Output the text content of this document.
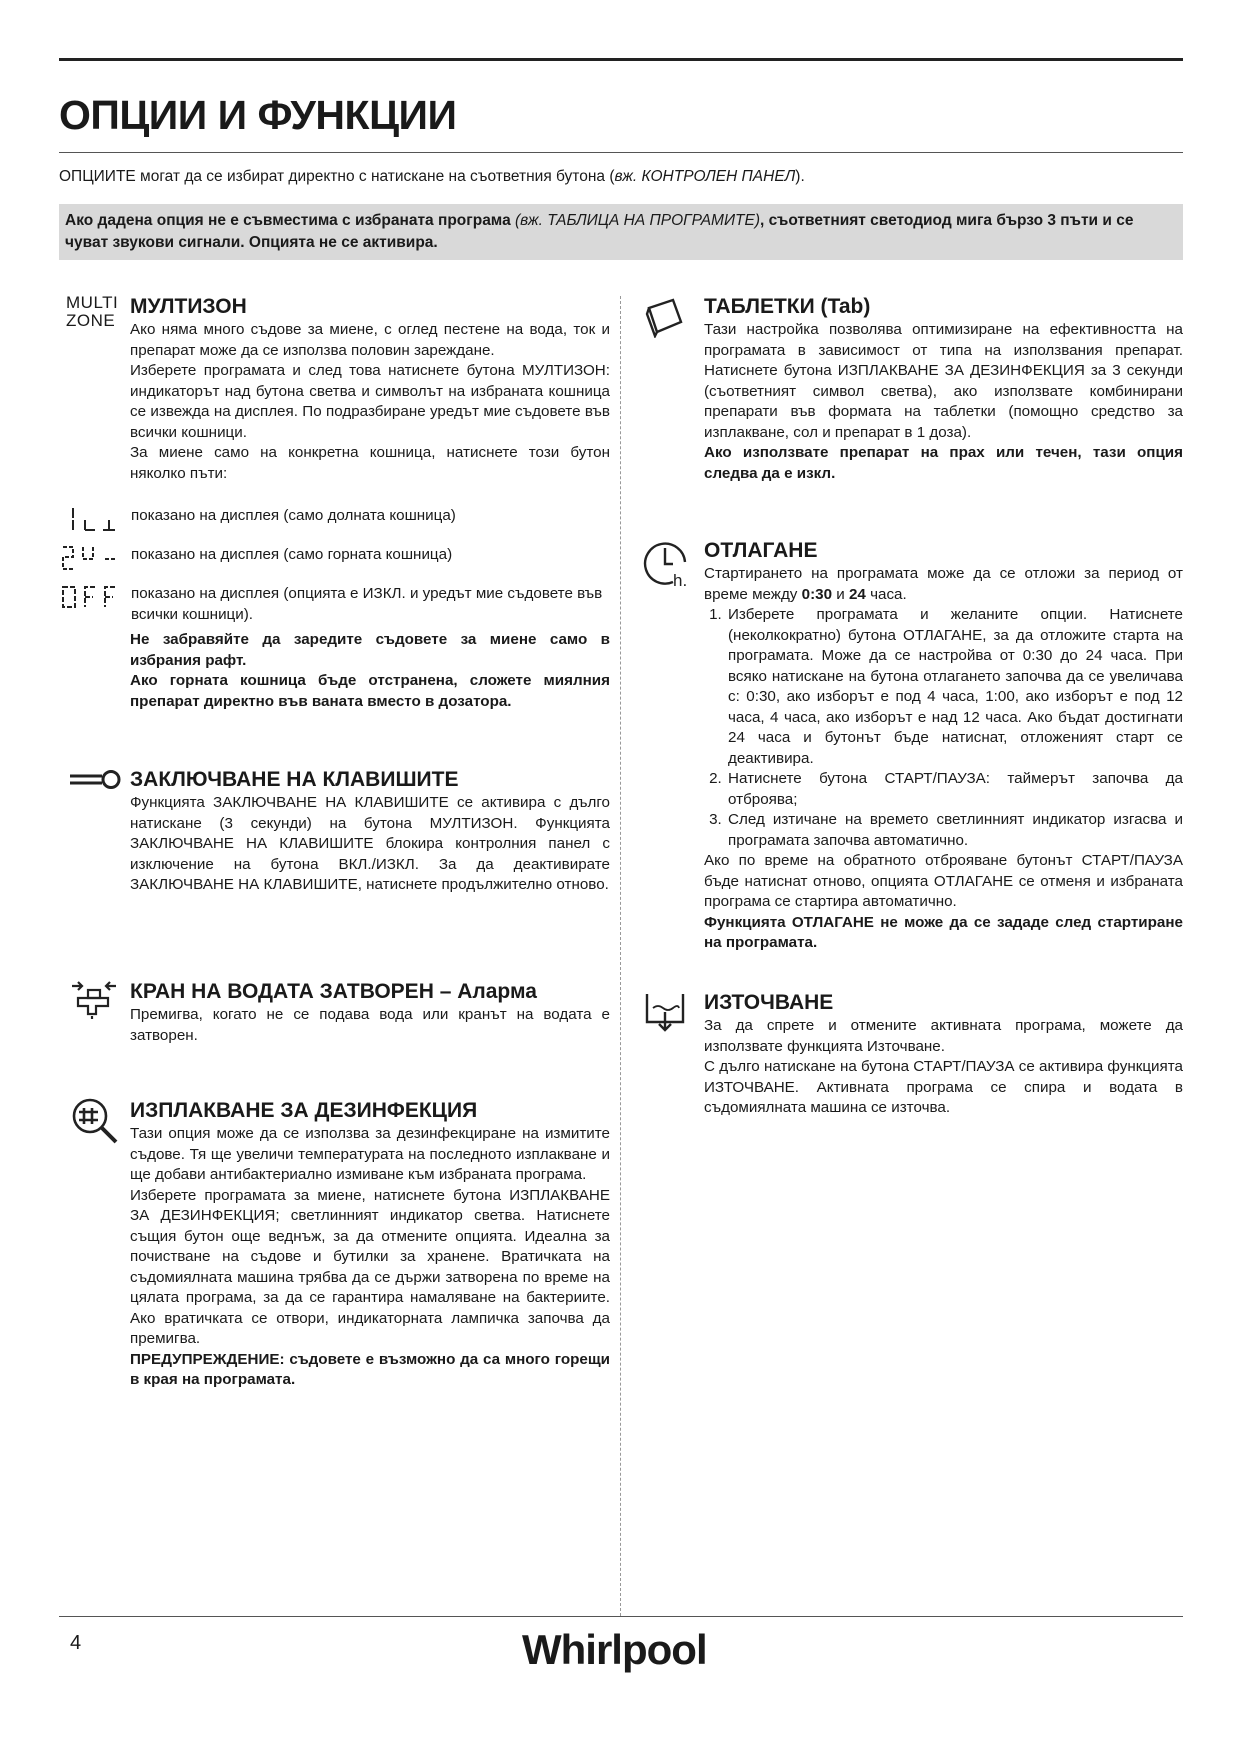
ОПЦИИ И ФУНКЦИИ

ОПЦИИТЕ могат да се избират директно с натискане на съответния бутона (вж. КОНТРОЛЕН ПАНЕЛ).

Ако дадена опция не е съвместима с избраната програма (вж. ТАБЛИЦА НА ПРОГРАМИТЕ), съответният светодиод мига бързо 3 пъти и се чуват звукови сигнали. Опцията не се активира.
MULTI
ZONE
МУЛТИЗОН

Ако няма много съдове за миене, с оглед пестене на вода, ток и препарат може да се използва половин зареждане.

Изберете програмата и след това натиснете бутона МУЛТИЗОН: индикаторът над бутона светва и символът на избраната кошница се извежда на дисплея. По подразбиране уредът мие съдовете във всички кошници.

За миене само на конкретна кошница, натиснете този бутон няколко пъти:

показано на дисплея (само долната кошница)
показано на дисплея (само горната кошница)
показано на дисплея (опцията е ИЗКЛ. и уредът мие съдовете във всички кошници).

Не забравяйте да заредите съдовете за миене само в избрания рафт.

Ако горната кошница бъде отстранена, сложете миялния препарат директно във ваната вместо в дозатора.

ЗАКЛЮЧВАНЕ НА КЛАВИШИТЕ
Функцията ЗАКЛЮЧВАНЕ НА КЛАВИШИТЕ се активира с дълго натискане (3 секунди) на бутона МУЛТИЗОН. Функцията ЗАКЛЮЧВАНЕ НА КЛАВИШИТЕ блокира контролния панел с изключение на бутона ВКЛ./ИЗКЛ. За да деактивирате ЗАКЛЮЧВАНЕ НА КЛАВИШИТЕ, натиснете продължително отново.
КРАН НА ВОДАТА ЗАТВОРЕН – Аларма
Премигва, когато не се подава вода или кранът на водата е затворен.
ИЗПЛАКВАНЕ ЗА ДЕЗИНФЕКЦИЯ

Тази опция може да се използва за дезинфекциране на измитите съдове. Тя ще увеличи температурата на последното изплакване и ще добави антибактериално измиване към избраната програма.

Изберете програмата за миене, натиснете бутона ИЗПЛАКВАНЕ ЗА ДЕЗИНФЕКЦИЯ; светлинният индикатор светва. Натиснете същия бутон още веднъж, за да отмените опцията. Идеална за почистване на съдове и бутилки за хранене. Вратичката на съдомиялната машина трябва да се държи затворена по време на цялата програма, за да се гарантира намаляване на бактериите. Ако вратичката се отвори, индикаторната лампичка започва да премигва.

ПРЕДУПРЕЖДЕНИЕ: съдовете е възможно да са много горещи в края на програмата.

ТАБЛЕТКИ (Tab)

Тази настройка позволява оптимизиране на ефективността на програмата в зависимост от типа на използвания препарат. Натиснете бутона ИЗПЛАКВАНЕ ЗА ДЕЗИНФЕКЦИЯ за 3 секунди (съответният символ светва), ако използвате комбинирани препарати във формата на таблетки (помощно средство за изплакване, сол и препарат в 1 доза).

Ако използвате препарат на прах или течен, тази опция следва да е изкл.

h.
ОТЛАГАНЕ

Стартирането на програмата може да се отложи за период от време между 0:30 и 24 часа.

1. Изберете програмата и желаните опции. Натиснете (неколкократно) бутона ОТЛАГАНЕ, за да отложите старта на програмата. Може да се настройва от 0:30 до 24 часа. При всяко натискане на бутона отлагането започва да се увеличава с: 0:30, ако изборът е под 4 часа, 1:00, ако изборът е под 12 часа, 4 часа, ако изборът е над 12 часа. Ако бъдат достигнати 24 часа и бутонът бъде натиснат, отложеният старт се деактивира.
2. Натиснете бутона СТАРТ/ПАУЗА: таймерът започва да отброява;
3. След изтичане на времето светлинният индикатор изгасва и програмата започва автоматично.

Ако по време на обратното отброяване бутонът СТАРТ/ПАУЗА бъде натиснат отново, опцията ОТЛАГАНЕ се отменя и избраната програма се стартира автоматично.

Функцията ОТЛАГАНЕ не може да се зададе след стартиране на програмата.

ИЗТОЧВАНЕ

За да спрете и отмените активната програма, можете да използвате функцията Източване.

С дълго натискане на бутона СТАРТ/ПАУЗА се активира функцията ИЗТОЧВАНЕ. Активната програма се спира и водата в съдомиялната машина се източва.

4	Whirlpool
